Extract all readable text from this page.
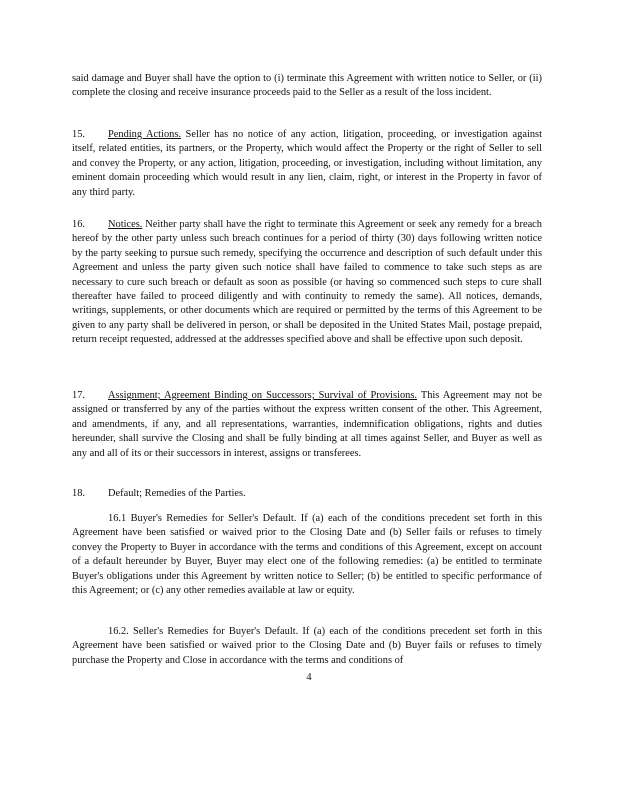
said damage and Buyer shall have the option to (i) terminate this Agreement with written notice to Seller, or (ii) complete the closing and receive insurance proceeds paid to the Seller as a result of the loss incident.

15. Pending Actions. Seller has no notice of any action, litigation, proceeding, or investigation against itself, related entities, its partners, or the Property, which would affect the Property or the right of Seller to sell and convey the Property, or any action, litigation, proceeding, or investigation, including without limitation, any eminent domain proceeding which would result in any lien, claim, right, or interest in the Property in favor of any third party.

16. Notices. Neither party shall have the right to terminate this Agreement or seek any remedy for a breach hereof by the other party unless such breach continues for a period of thirty (30) days following written notice by the party seeking to pursue such remedy, specifying the occurrence and description of such default under this Agreement and unless the party given such notice shall have failed to commence to take such steps as are necessary to cure such breach or default as soon as possible (or having so commenced such steps to cure shall thereafter have failed to proceed diligently and with continuity to remedy the same). All notices, demands, writings, supplements, or other documents which are required or permitted by the terms of this Agreement to be given to any party shall be delivered in person, or shall be deposited in the United States Mail, postage prepaid, return receipt requested, addressed at the addresses specified above and shall be effective upon such deposit.

17. Assignment; Agreement Binding on Successors; Survival of Provisions. This Agreement may not be assigned or transferred by any of the parties without the express written consent of the other. This Agreement, and amendments, if any, and all representations, warranties, indemnification obligations, rights and duties hereunder, shall survive the Closing and shall be fully binding at all times against Seller, and Buyer as well as any and all of its or their successors in interest, assigns or transferees.

18. Default; Remedies of the Parties.

16.1 Buyer's Remedies for Seller's Default. If (a) each of the conditions precedent set forth in this Agreement have been satisfied or waived prior to the Closing Date and (b) Seller fails or refuses to timely convey the Property to Buyer in accordance with the terms and conditions of this Agreement, except on account of a default hereunder by Buyer, Buyer may elect one of the following remedies: (a) be entitled to terminate Buyer's obligations under this Agreement by written notice to Seller; (b) be entitled to specific performance of this Agreement; or (c) any other remedies available at law or equity.

16.2. Seller's Remedies for Buyer's Default. If (a) each of the conditions precedent set forth in this Agreement have been satisfied or waived prior to the Closing Date and (b) Buyer fails or refuses to timely purchase the Property and Close in accordance with the terms and conditions of

4
